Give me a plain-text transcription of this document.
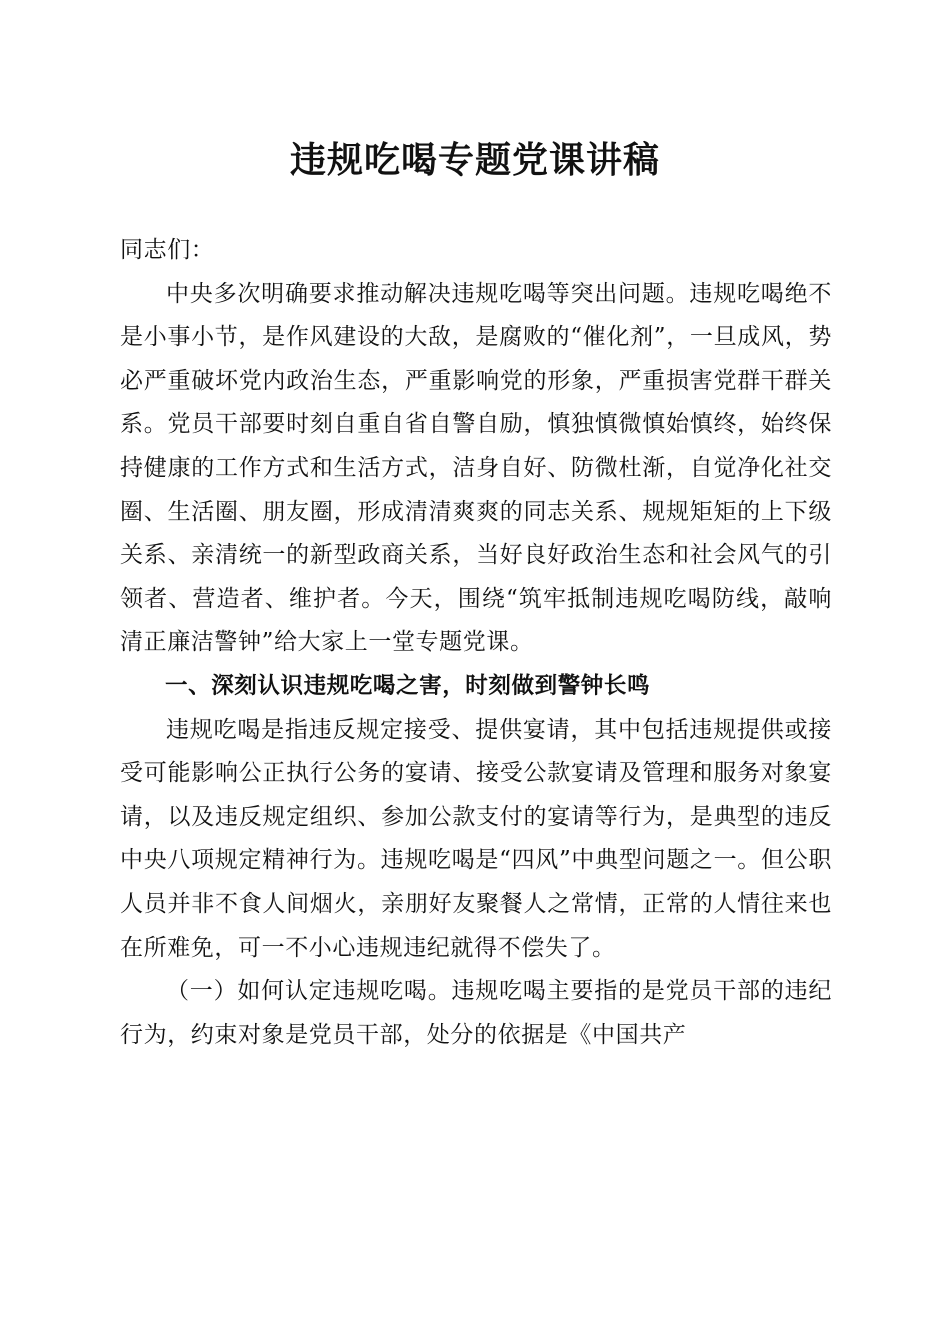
违规吃喝专题党课讲稿

同志们：

中央多次明确要求推动解决违规吃喝等突出问题。违规吃喝绝不是小事小节，是作风建设的大敌，是腐败的“催化剂”，一旦成风，势必严重破坏党内政治生态，严重影响党的形象，严重损害党群干群关系。党员干部要时刻自重自省自警自励，慎独慎微慎始慎终，始终保持健康的工作方式和生活方式，洁身自好、防微杜渐，自觉净化社交圈、生活圈、朋友圈，形成清清爽爽的同志关系、规规矩矩的上下级关系、亲清统一的新型政商关系，当好良好政治生态和社会风气的引领者、营造者、维护者。今天，围绕“筑牢抵制违规吃喝防线，敲响清正廉洁警钟”给大家上一堂专题党课。

一、深刻认识违规吃喝之害，时刻做到警钟长鸣

违规吃喝是指违反规定接受、提供宴请，其中包括违规提供或接受可能影响公正执行公务的宴请、接受公款宴请及管理和服务对象宴请，以及违反规定组织、参加公款支付的宴请等行为，是典型的违反中央八项规定精神行为。违规吃喝是“四风”中典型问题之一。但公职人员并非不食人间烟火，亲朋好友聚餐人之常情，正常的人情往来也在所难免，可一不小心违规违纪就得不偿失了。

（一）如何认定违规吃喝。违规吃喝主要指的是党员干部的违纪行为，约束对象是党员干部，处分的依据是《中国共产
